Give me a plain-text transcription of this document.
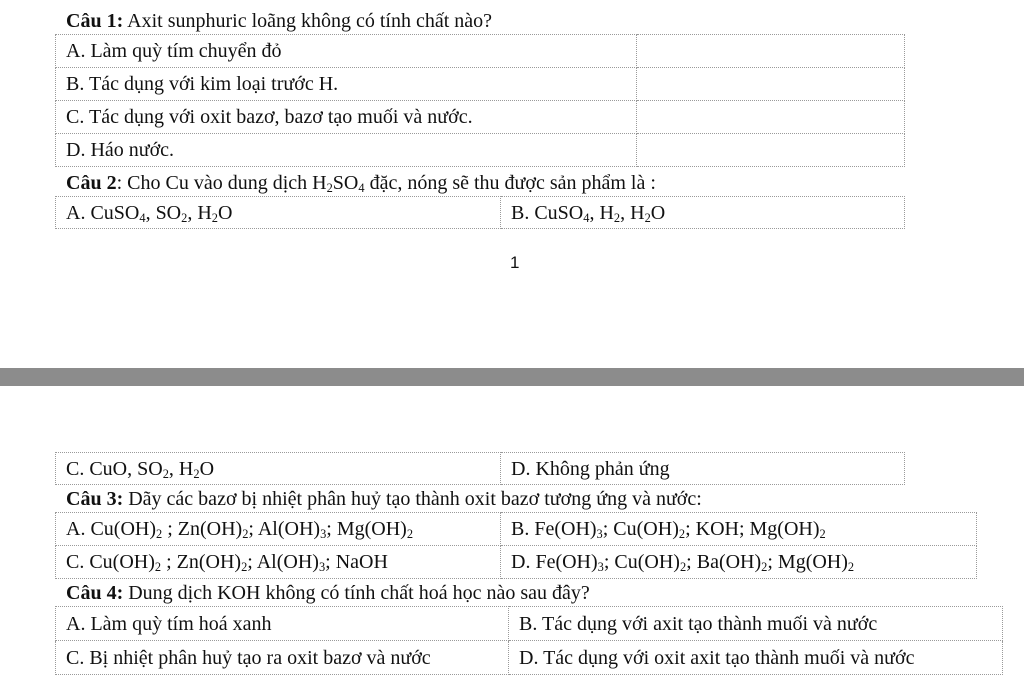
Câu 1: Axit sunphuric loãng không có tính chất nào?
A. Làm quỳ tím chuyển đỏ	
B. Tác dụng với kim loại trước H.	
C. Tác dụng với oxit bazơ, bazơ tạo muối và nước.	
D. Háo nước.	
Câu 2: Cho Cu vào dung dịch $H_2SO_4$ đặc, nóng sẽ thu được sản phẩm là :
A. CuSO$_4$, $SO_2$, $H_2O$	B. CuSO$_4$, $H_2$, $H_2O$
1
C. CuO, $SO_2$, $H_2O$	D. Không phản ứng
Câu 3: Dãy các bazơ bị nhiệt phân huỷ tạo thành oxit bazơ tương ứng và nước:
A. $Cu(OH)_2$ ; $Zn(OH)_2$; $Al(OH)_3$; $Mg(OH)_2$	B. $Fe(OH)_3$; $Cu(OH)_2$; KOH; $Mg(OH)_2$
C. $Cu(OH)_2$ ; $Zn(OH)_2$; $Al(OH)_3$; NaOH	D. $Fe(OH)_3$; $Cu(OH)_2$; $Ba(OH)_2$; $Mg(OH)_2$
Câu 4: Dung dịch KOH không có tính chất hoá học nào sau đây?
A. Làm quỳ tím hoá xanh	B. Tác dụng với axit tạo thành muối và nước
C. Bị nhiệt phân huỷ tạo ra oxit bazơ và nước	D. Tác dụng với oxit axit tạo thành muối và nước
